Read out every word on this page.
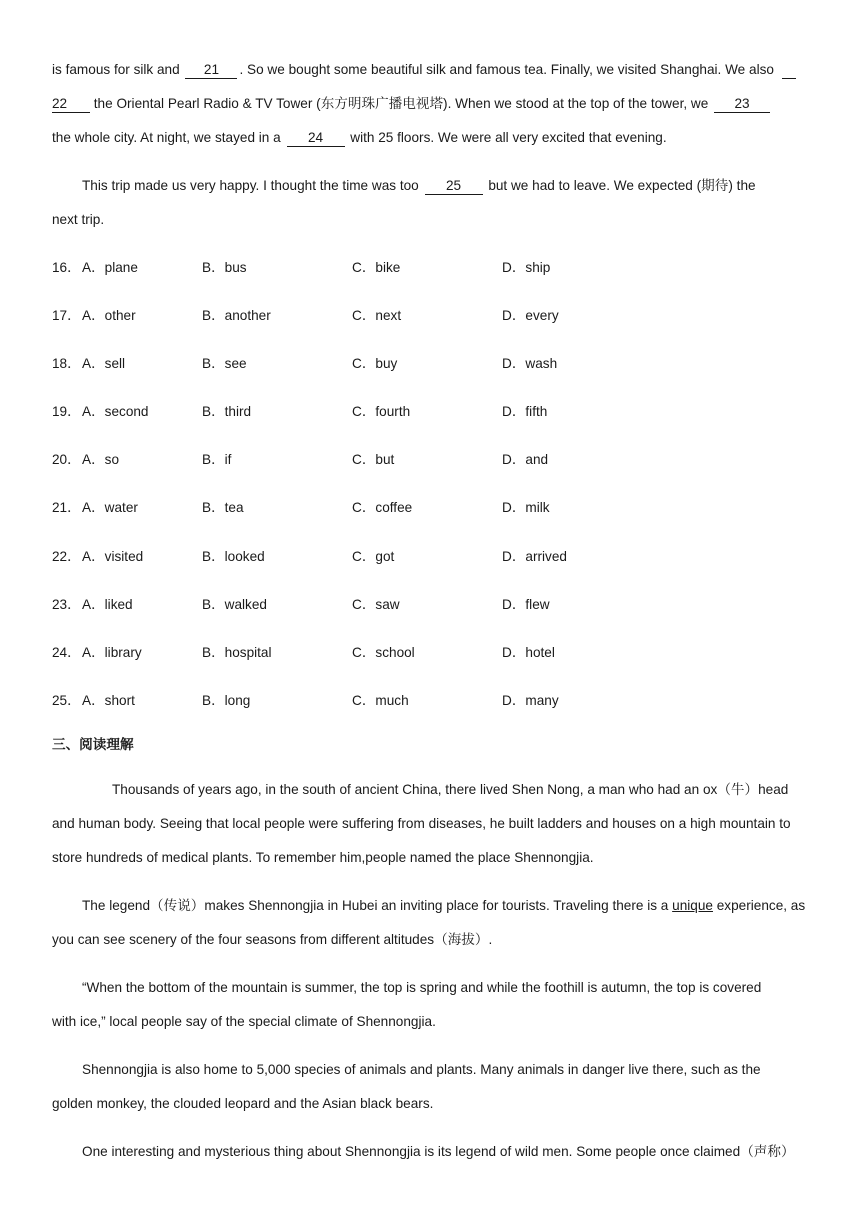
is famous for silk and 21 . So we bought some beautiful silk and famous tea. Finally, we visited Shanghai. We also
22 the Oriental Pearl Radio & TV Tower (东方明珠广播电视塔). When we stood at the top of the tower, we 23
the whole city. At night, we stayed in a 24 with 25 floors. We were all very excited that evening.
This trip made us very happy. I thought the time was too 25 but we had to leave. We expected (期待) the
next trip.
16． A．plane	B．bus	C．bike	D．ship
17． A．other	B．another	C．next	D．every
18． A．sell	B．see	C．buy	D．wash
19． A．second	B．third	C．fourth	D．fifth
20． A．so	B．if	C．but	D．and
21． A．water	B．tea	C．coffee	D．milk
22． A．visited	B．looked	C．got	D．arrived
23． A．liked	B．walked	C．saw	D．flew
24． A．library	B．hospital	C．school	D．hotel
25． A．short	B．long	C．much	D．many
三、阅读理解
Thousands of years ago, in the south of ancient China, there lived Shen Nong, a man who had an ox（牛）head
and human body. Seeing that local people were suffering from diseases, he built ladders and houses on a high mountain to
store hundreds of medical plants. To remember him,people named the place Shennongjia.
The legend（传说）makes Shennongjia in Hubei an inviting place for tourists. Traveling there is a unique experience, as
you can see scenery of the four seasons from different altitudes（海拔）.
“When the bottom of the mountain is summer, the top is spring and while the foothill is autumn, the top is covered
with ice,” local people say of the special climate of Shennongjia.
Shennongjia is also home to 5,000 species of animals and plants. Many animals in danger live there, such as the
golden monkey, the clouded leopard and the Asian black bears.
One interesting and mysterious thing about Shennongjia is its legend of wild men. Some people once claimed（声称）
